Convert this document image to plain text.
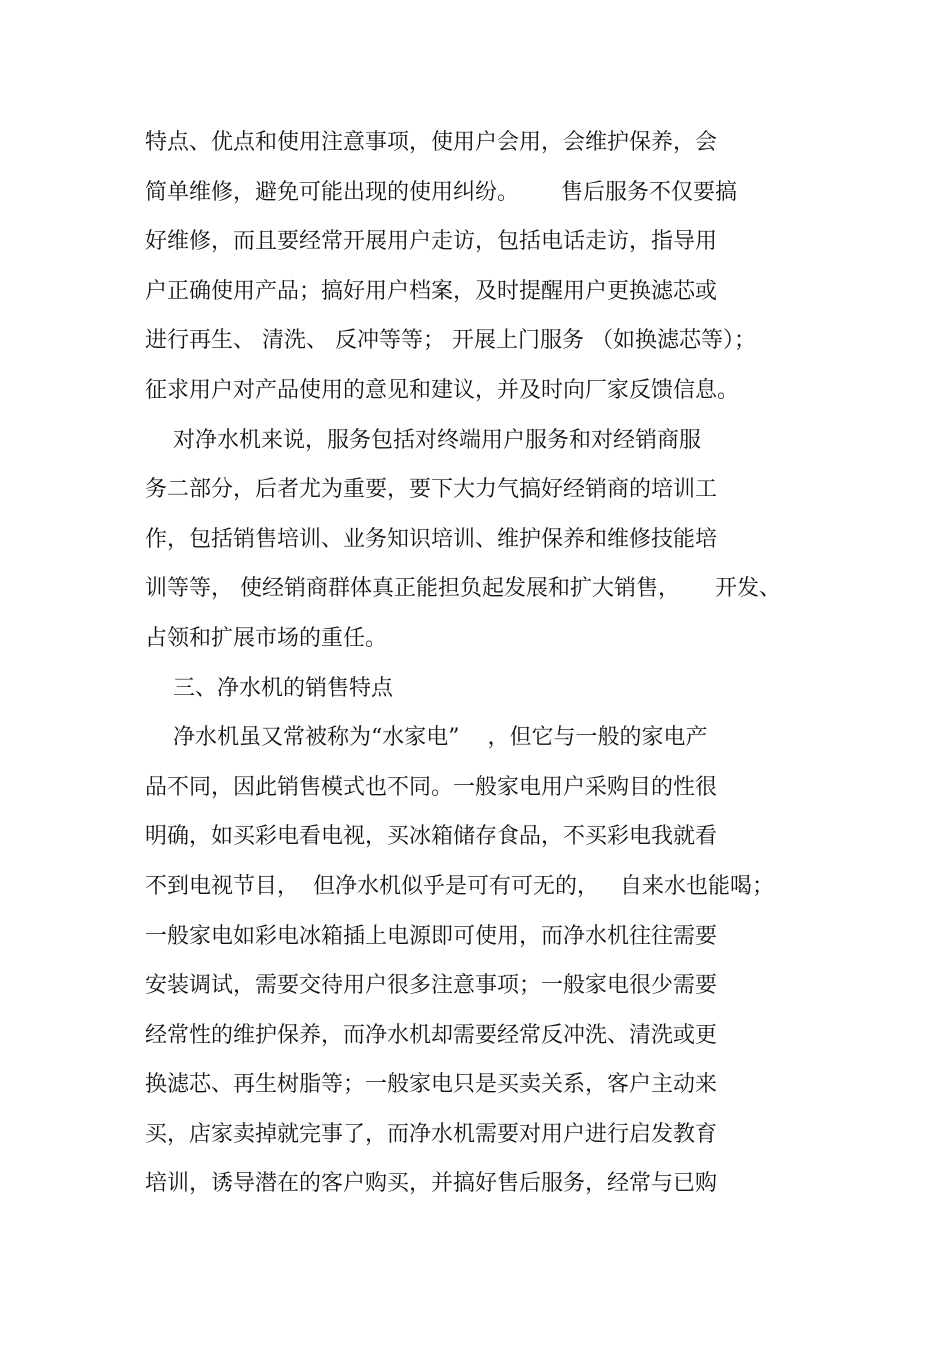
特点、优点和使用注意事项，使用户会用，会维护保养，会

简单维修，避免可能出现的使用纠纷。      售后服务不仅要搞

好维修，而且要经常开展用户走访，包括电话走访，指导用

户正确使用产品；搞好用户档案，及时提醒用户更换滤芯或

进行再生、 清洗、 反冲等等； 开展上门服务 （如换滤芯等）；

征求用户对产品使用的意见和建议，并及时向厂家反馈信息。

对净水机来说，服务包括对终端用户服务和对经销商服

务二部分，后者尤为重要，要下大力气搞好经销商的培训工

作，包括销售培训、业务知识培训、维护保养和维修技能培

训等等， 使经销商群体真正能担负起发展和扩大销售，     开发、

占领和扩展市场的重任。

三、净水机的销售特点

净水机虽又常被称为“水家电”    ，但它与一般的家电产

品不同，因此销售模式也不同。一般家电用户采购目的性很

明确，如买彩电看电视，买冰箱储存食品，不买彩电我就看

不到电视节目，  但净水机似乎是可有可无的，   自来水也能喝；

一般家电如彩电冰箱插上电源即可使用，而净水机往往需要

安装调试，需要交待用户很多注意事项；一般家电很少需要

经常性的维护保养，而净水机却需要经常反冲洗、清洗或更

换滤芯、再生树脂等；一般家电只是买卖关系，客户主动来

买，店家卖掉就完事了，而净水机需要对用户进行启发教育

培训，诱导潜在的客户购买，并搞好售后服务，经常与已购
